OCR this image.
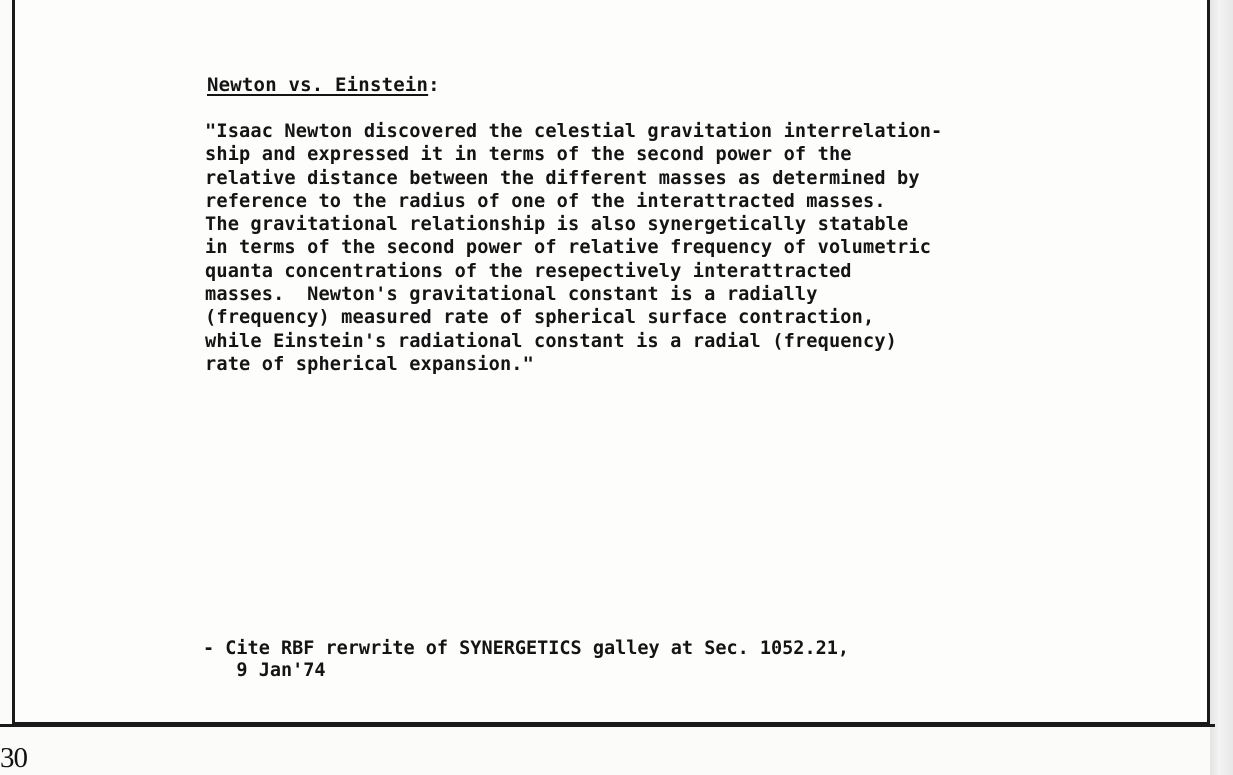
Newton vs. Einstein:

"Isaac Newton discovered the celestial gravitation interrelation-
ship and expressed it in terms of the second power of the
relative distance between the different masses as determined by
reference to the radius of one of the interattracted masses.
The gravitational relationship is also synergetically statable
in terms of the second power of relative frequency of volumetric
quanta concentrations of the resepectively interattracted
masses.  Newton's gravitational constant is a radially
(frequency) measured rate of spherical surface contraction,
while Einstein's radiational constant is a radial (frequency)
rate of spherical expansion."
- Cite RBF rerwrite of SYNERGETICS galley at Sec. 1052.21,
9 Jan'74

30
